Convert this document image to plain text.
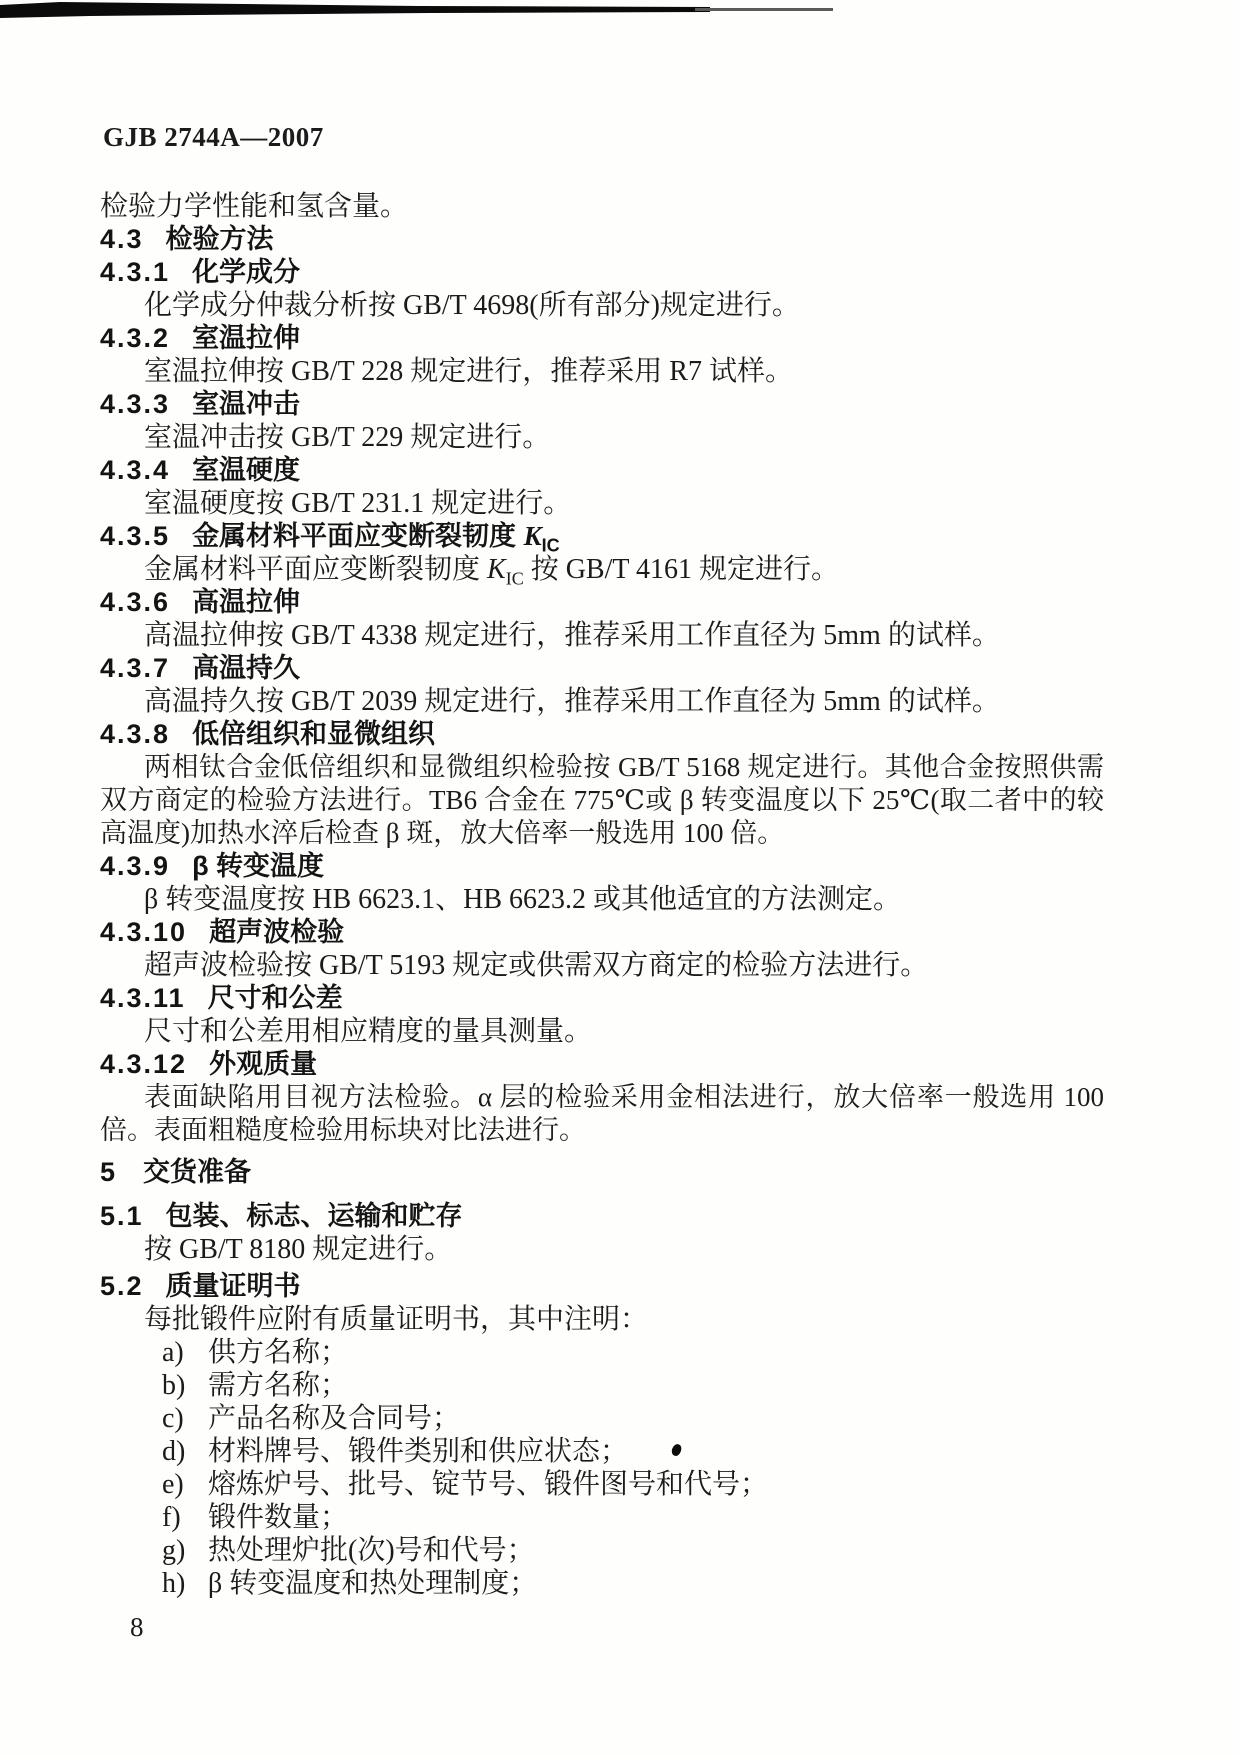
GJB 2744A—2007

检验力学性能和氢含量。

4.3 检验方法
4.3.1 化学成分

化学成分仲裁分析按 GB/T 4698(所有部分)规定进行。

4.3.2 室温拉伸

室温拉伸按 GB/T 228 规定进行，推荐采用 R7 试样。

4.3.3 室温冲击

室温冲击按 GB/T 229 规定进行。

4.3.4 室温硬度

室温硬度按 GB/T 231.1 规定进行。

4.3.5 金属材料平面应变断裂韧度 $K_{IC}$

金属材料平面应变断裂韧度 $K_{IC}$ 按 GB/T 4161 规定进行。

4.3.6 高温拉伸

高温拉伸按 GB/T 4338 规定进行，推荐采用工作直径为 5mm 的试样。

4.3.7 高温持久

高温持久按 GB/T 2039 规定进行，推荐采用工作直径为 5mm 的试样。

4.3.8 低倍组织和显微组织

两相钛合金低倍组织和显微组织检验按 GB/T 5168 规定进行。其他合金按照供需双方商定的检验方法进行。TB6 合金在 775℃或 β 转变温度以下 25℃(取二者中的较高温度)加热水淬后检查 β 斑，放大倍率一般选用 100 倍。

4.3.9 β 转变温度

β 转变温度按 HB 6623.1、HB 6623.2 或其他适宜的方法测定。

4.3.10 超声波检验

超声波检验按 GB/T 5193 规定或供需双方商定的检验方法进行。

4.3.11 尺寸和公差

尺寸和公差用相应精度的量具测量。

4.3.12 外观质量

表面缺陷用目视方法检验。α 层的检验采用金相法进行，放大倍率一般选用 100 倍。表面粗糙度检验用标块对比法进行。

5 交货准备
5.1 包装、标志、运输和贮存

按 GB/T 8180 规定进行。

5.2 质量证明书

每批锻件应附有质量证明书，其中注明：

a) 供方名称；
b) 需方名称；
c) 产品名称及合同号；
d) 材料牌号、锻件类别和供应状态；
e) 熔炼炉号、批号、锭节号、锻件图号和代号；
f) 锻件数量；
g) 热处理炉批(次)号和代号；
h) β 转变温度和热处理制度；
8
